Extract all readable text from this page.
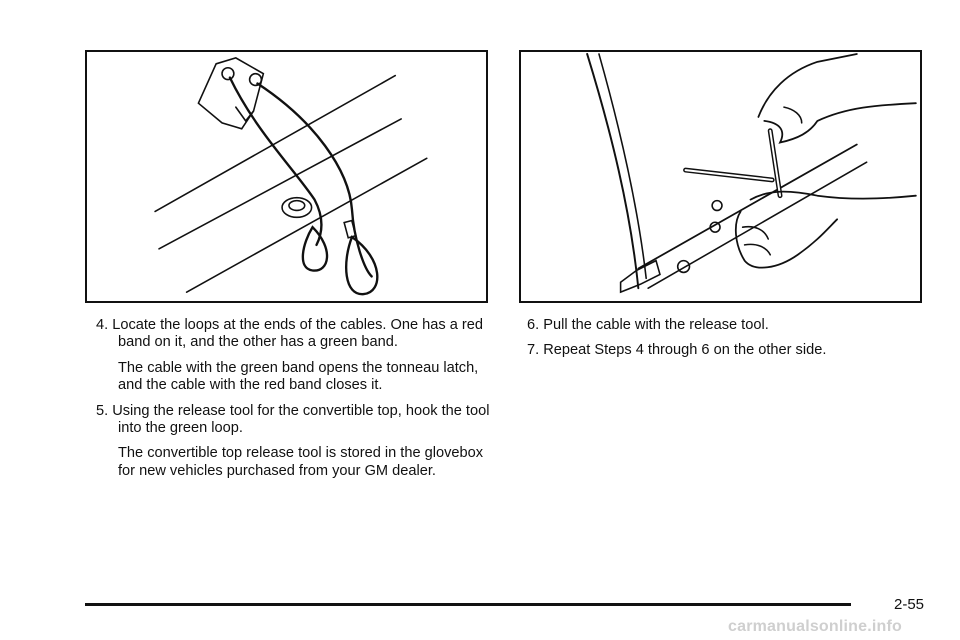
4. Locate the loops at the ends of the cables. One has a red band on it, and the other has a green band.

The cable with the green band opens the tonneau latch, and the cable with the red band closes it.

5. Using the release tool for the convertible top, hook the tool into the green loop.

The convertible top release tool is stored in the glovebox for new vehicles purchased from your GM dealer.

6. Pull the cable with the release tool.

7. Repeat Steps 4 through 6 on the other side.

2-55
carmanualsonline.info
